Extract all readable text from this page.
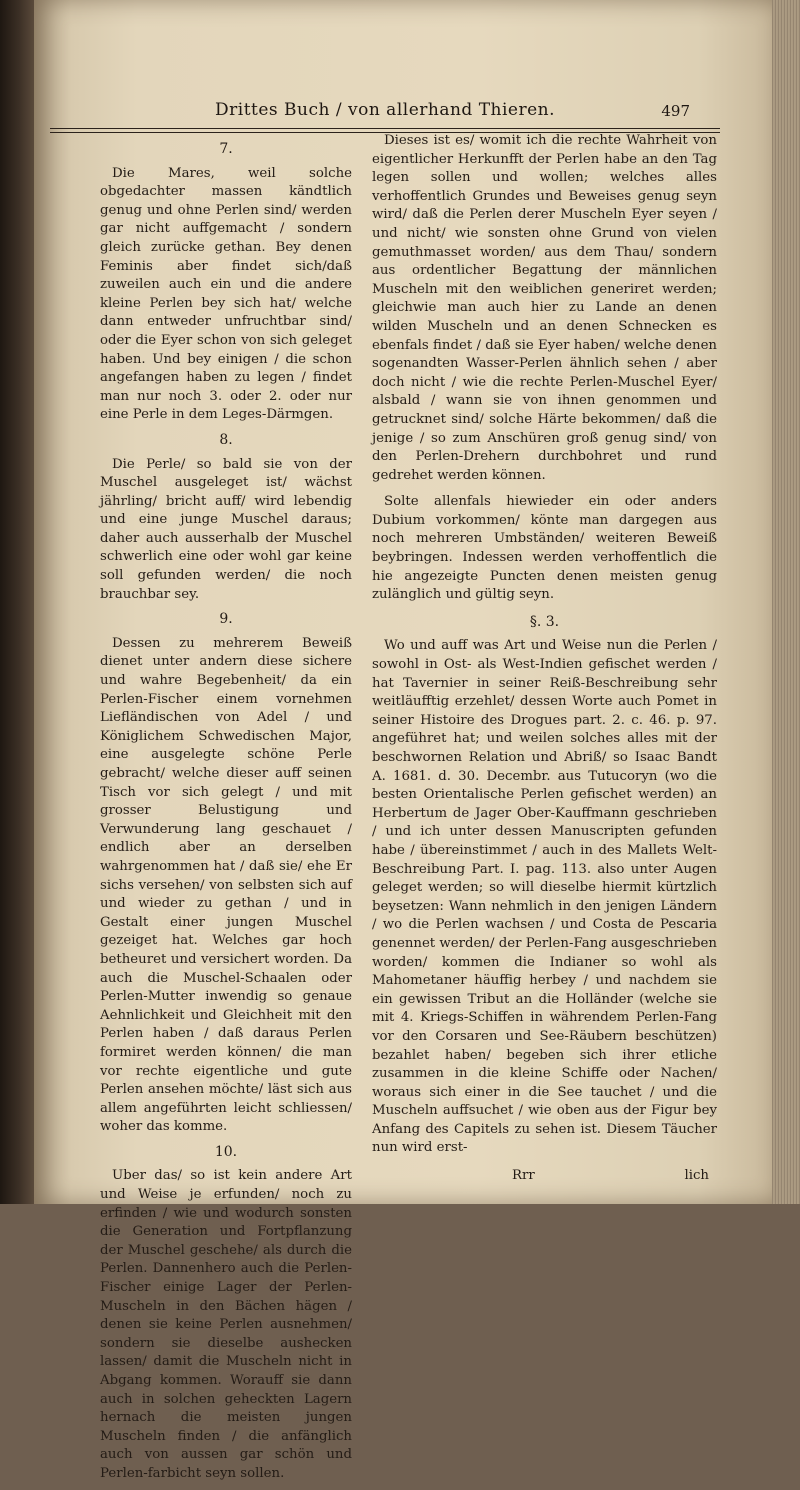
Drittes Buch / von allerhand Thieren.	497
7.

Die Mares, weil solche obgedachter massen kändtlich genug und ohne Perlen sind/ werden gar nicht auffgemacht / sondern gleich zurücke gethan. Bey denen Feminis aber findet sich/daß zuweilen auch ein und die andere kleine Perlen bey sich hat/ welche dann entweder unfruchtbar sind/ oder die Eyer schon von sich geleget haben. Und bey einigen / die schon angefangen haben zu legen / findet man nur noch 3. oder 2. oder nur eine Perle in dem Leges-Därmgen.

8.

Die Perle/ so bald sie von der Muschel ausgeleget ist/ wächst jährling/ bricht auff/ wird lebendig und eine junge Muschel daraus; daher auch ausserhalb der Muschel schwerlich eine oder wohl gar keine soll gefunden werden/ die noch brauchbar sey.

9.

Dessen zu mehrerem Beweiß dienet unter andern diese sichere und wahre Begebenheit/ da ein Perlen-Fischer einem vornehmen Liefländischen von Adel / und Königlichem Schwedischen Major, eine ausgelegte schöne Perle gebracht/ welche dieser auff seinen Tisch vor sich gelegt / und mit grosser Belustigung und Verwunderung lang geschauet / endlich aber an derselben wahrgenommen hat / daß sie/ ehe Er sichs versehen/ von selbsten sich auf und wieder zu gethan / und in Gestalt einer jungen Muschel gezeiget hat. Welches gar hoch betheuret und versichert worden. Da auch die Muschel-Schaalen oder Perlen-Mutter inwendig so genaue Aehnlichkeit und Gleichheit mit den Perlen haben / daß daraus Perlen formiret werden können/ die man vor rechte eigentliche und gute Perlen ansehen möchte/ läst sich aus allem angeführten leicht schliessen/ woher das komme.

10.

Uber das/ so ist kein andere Art und Weise je erfunden/ noch zu erfinden / wie und wodurch sonsten die Generation und Fortpflanzung der Muschel geschehe/ als durch die Perlen. Dannenhero auch die Perlen-Fischer einige Lager der Perlen-Muscheln in den Bächen hägen / denen sie keine Perlen ausnehmen/ sondern sie dieselbe aushecken lassen/ damit die Muscheln nicht in Abgang kommen. Worauff sie dann auch in solchen geheckten Lagern hernach die meisten jungen Muscheln finden / die anfänglich auch von aussen gar schön und Perlen-farbicht seyn sollen.

Dieses ist es/ womit ich die rechte Wahrheit von eigentlicher Herkunfft der Perlen habe an den Tag legen sollen und wollen; welches alles verhoffentlich Grundes und Beweises genug seyn wird/ daß die Perlen derer Muscheln Eyer seyen / und nicht/ wie sonsten ohne Grund von vielen gemuthmasset worden/ aus dem Thau/ sondern aus ordentlicher Begattung der männlichen Muscheln mit den weiblichen generiret werden; gleichwie man auch hier zu Lande an denen wilden Muscheln und an denen Schnecken es ebenfals findet / daß sie Eyer haben/ welche denen sogenandten Wasser-Perlen ähnlich sehen / aber doch nicht / wie die rechte Perlen-Muschel Eyer/ alsbald / wann sie von ihnen genommen und getrucknet sind/ solche Härte bekommen/ daß die jenige / so zum Anschüren groß genug sind/ von den Perlen-Drehern durchbohret und rund gedrehet werden können.

Solte allenfals hiewieder ein oder anders Dubium vorkommen/ könte man dargegen aus noch mehreren Umbständen/ weiteren Beweiß beybringen. Indessen werden verhoffentlich die hie angezeigte Puncten denen meisten genug zulänglich und gültig seyn.

§. 3.

Wo und auff was Art und Weise nun die Perlen / sowohl in Ost- als West-Indien gefischet werden / hat Tavernier in seiner Reiß-Beschreibung sehr weitläufftig erzehlet/ dessen Worte auch Pomet in seiner Histoire des Drogues part. 2. c. 46. p. 97. angeführet hat; und weilen solches alles mit der beschwornen Relation und Abriß/ so Isaac Bandt A. 1681. d. 30. Decembr. aus Tutucoryn (wo die besten Orientalische Perlen gefischet werden) an Herbertum de Jager Ober-Kauffmann geschrieben / und ich unter dessen Manuscripten gefunden habe / übereinstimmet / auch in des Mallets Welt-Beschreibung Part. I. pag. 113. also unter Augen geleget werden; so will dieselbe hiermit kürtzlich beysetzen: Wann nehmlich in den jenigen Ländern / wo die Perlen wachsen / und Costa de Pescaria genennet werden/ der Perlen-Fang ausgeschrieben worden/ kommen die Indianer so wohl als Mahometaner häuffig herbey / und nachdem sie ein gewissen Tribut an die Holländer (welche sie mit 4. Kriegs-Schiffen in währendem Perlen-Fang vor den Corsaren und See-Räubern beschützen) bezahlet haben/ begeben sich ihrer etliche zusammen in die kleine Schiffe oder Nachen/ woraus sich einer in die See tauchet / und die Muscheln auffsuchet / wie oben aus der Figur bey Anfang des Capitels zu sehen ist. Diesem Täucher nun wird erst-

Rrr	lich
